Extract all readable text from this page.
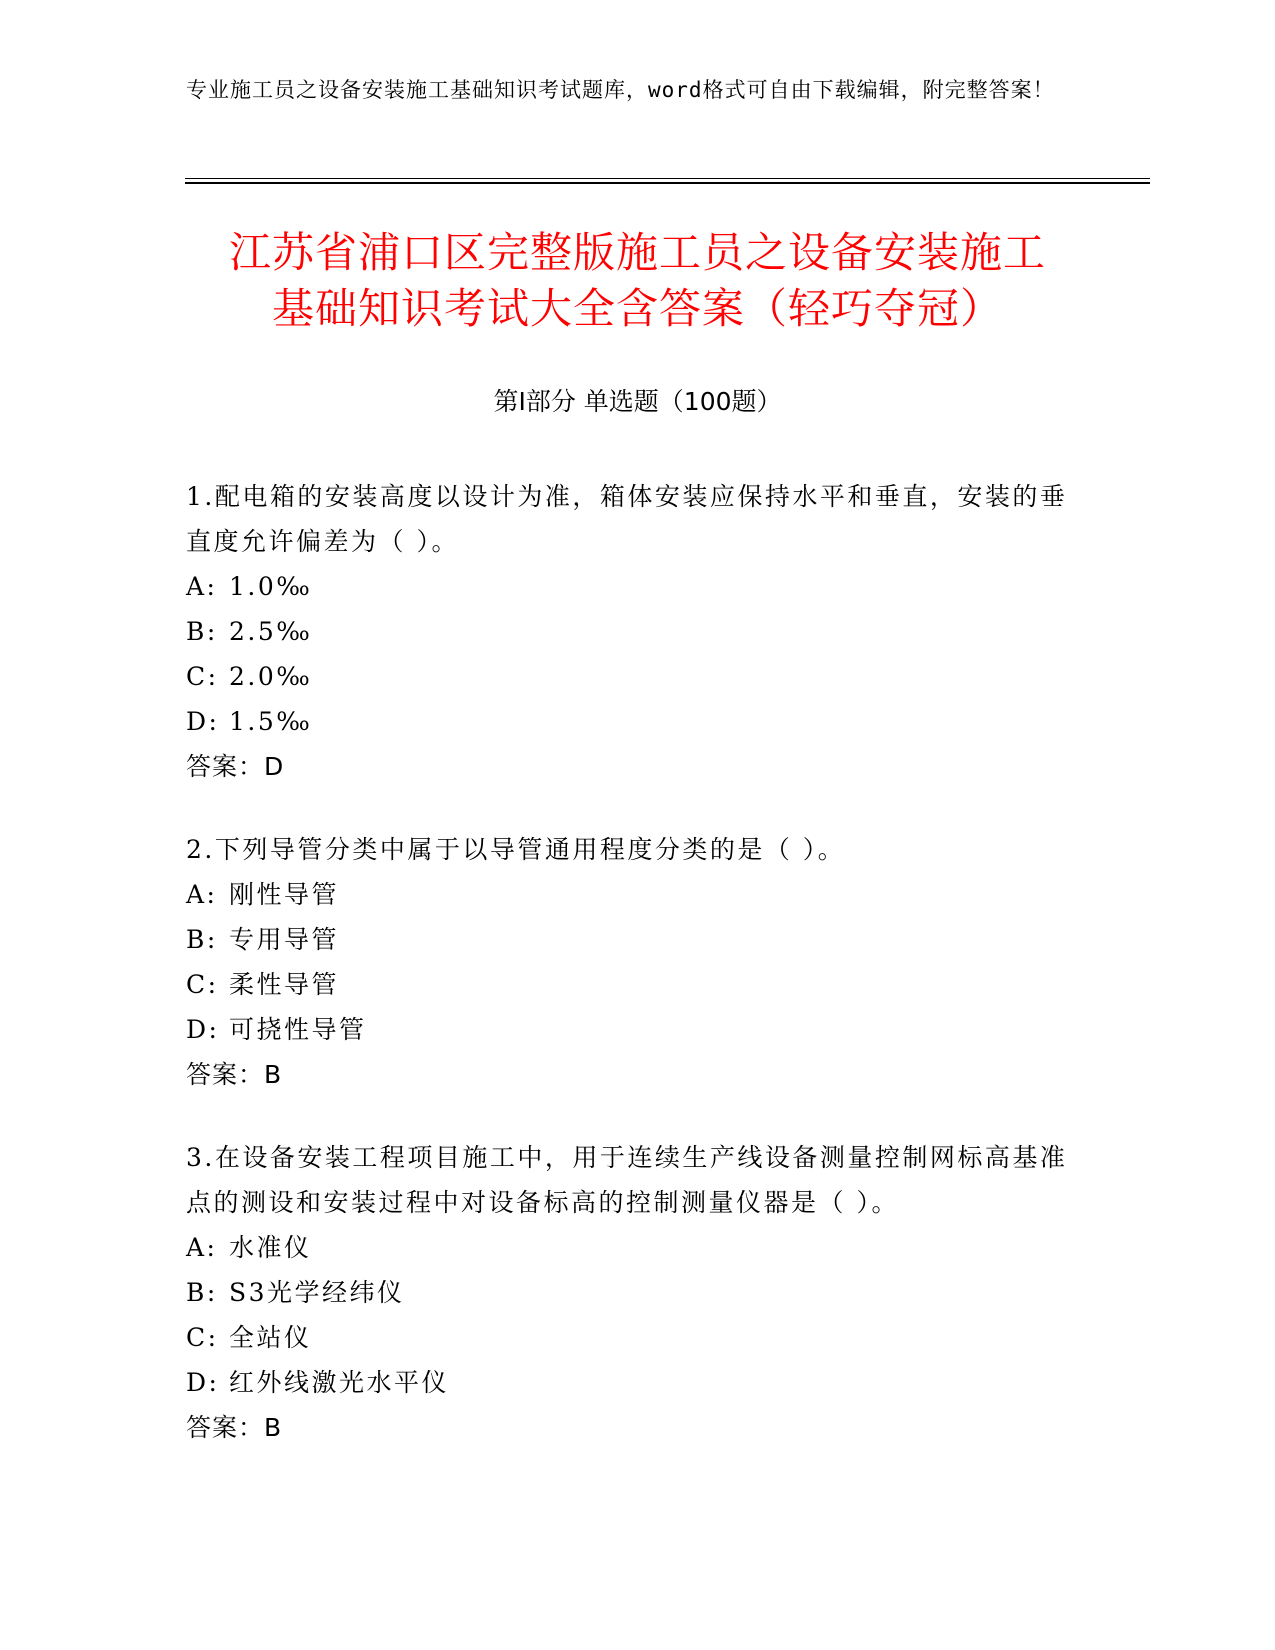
专业施工员之设备安装施工基础知识考试题库，word格式可自由下载编辑，附完整答案！
江苏省浦口区完整版施工员之设备安装施工
基础知识考试大全含答案（轻巧夺冠）
第Ⅰ部分 单选题（100题）

1.配电箱的安装高度以设计为准，箱体安装应保持水平和垂直，安装的垂直度允许偏差为（ ）。

A: 1.0‰

B: 2.5‰

C: 2.0‰

D: 1.5‰

答案：D

2.下列导管分类中属于以导管通用程度分类的是（ ）。

A: 刚性导管

B: 专用导管

C: 柔性导管

D: 可挠性导管

答案：B

3.在设备安装工程项目施工中，用于连续生产线设备测量控制网标高基准点的测设和安装过程中对设备标高的控制测量仪器是（ ）。

A: 水准仪

B: S3光学经纬仪

C: 全站仪

D: 红外线激光水平仪

答案：B
